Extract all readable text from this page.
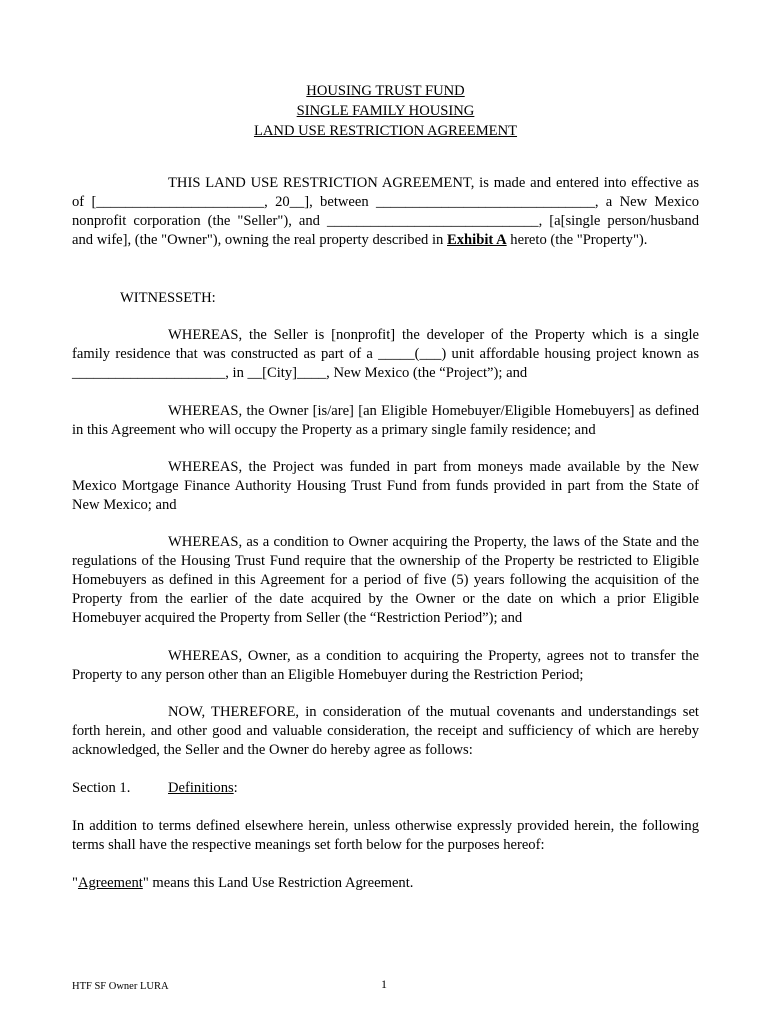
HOUSING TRUST FUND
SINGLE FAMILY HOUSING
LAND USE RESTRICTION AGREEMENT
THIS LAND USE RESTRICTION AGREEMENT, is made and entered into effective as of [_______________________, 20__], between ______________________________, a New Mexico nonprofit corporation (the "Seller"), and _____________________________, [a[single person/husband and wife], (the "Owner"), owning the real property described in Exhibit A hereto (the "Property").
WITNESSETH:
WHEREAS, the Seller is [nonprofit] the developer of the Property which is a single family residence that was constructed as part of a _____(___) unit affordable housing project known as _____________________, in __[City]____, New Mexico (the “Project”); and
WHEREAS, the Owner [is/are] [an Eligible Homebuyer/Eligible Homebuyers] as defined in this Agreement who will occupy the Property as a primary single family residence; and
WHEREAS, the Project was funded in part from moneys made available by the New Mexico Mortgage Finance Authority Housing Trust Fund from funds provided in part from the State of New Mexico; and
WHEREAS, as a condition to Owner acquiring the Property, the laws of the State and the regulations of the Housing Trust Fund require that the ownership of the Property be restricted to Eligible Homebuyers as defined in this Agreement for a period of five (5) years following the acquisition of the Property from the earlier of the date acquired by the Owner or the date on which a prior Eligible Homebuyer acquired the Property from Seller (the “Restriction Period”); and
WHEREAS, Owner, as a condition to acquiring the Property, agrees not to transfer the Property to any person other than an Eligible Homebuyer during the Restriction Period;
NOW, THEREFORE, in consideration of the mutual covenants and understandings set forth herein, and other good and valuable consideration, the receipt and sufficiency of which are hereby acknowledged, the Seller and the Owner do hereby agree as follows:
Section 1.	Definitions:
In addition to terms defined elsewhere herein, unless otherwise expressly provided herein, the following terms shall have the respective meanings set forth below for the purposes hereof:
"Agreement" means this Land Use Restriction Agreement.
HTF SF Owner LURA	1
